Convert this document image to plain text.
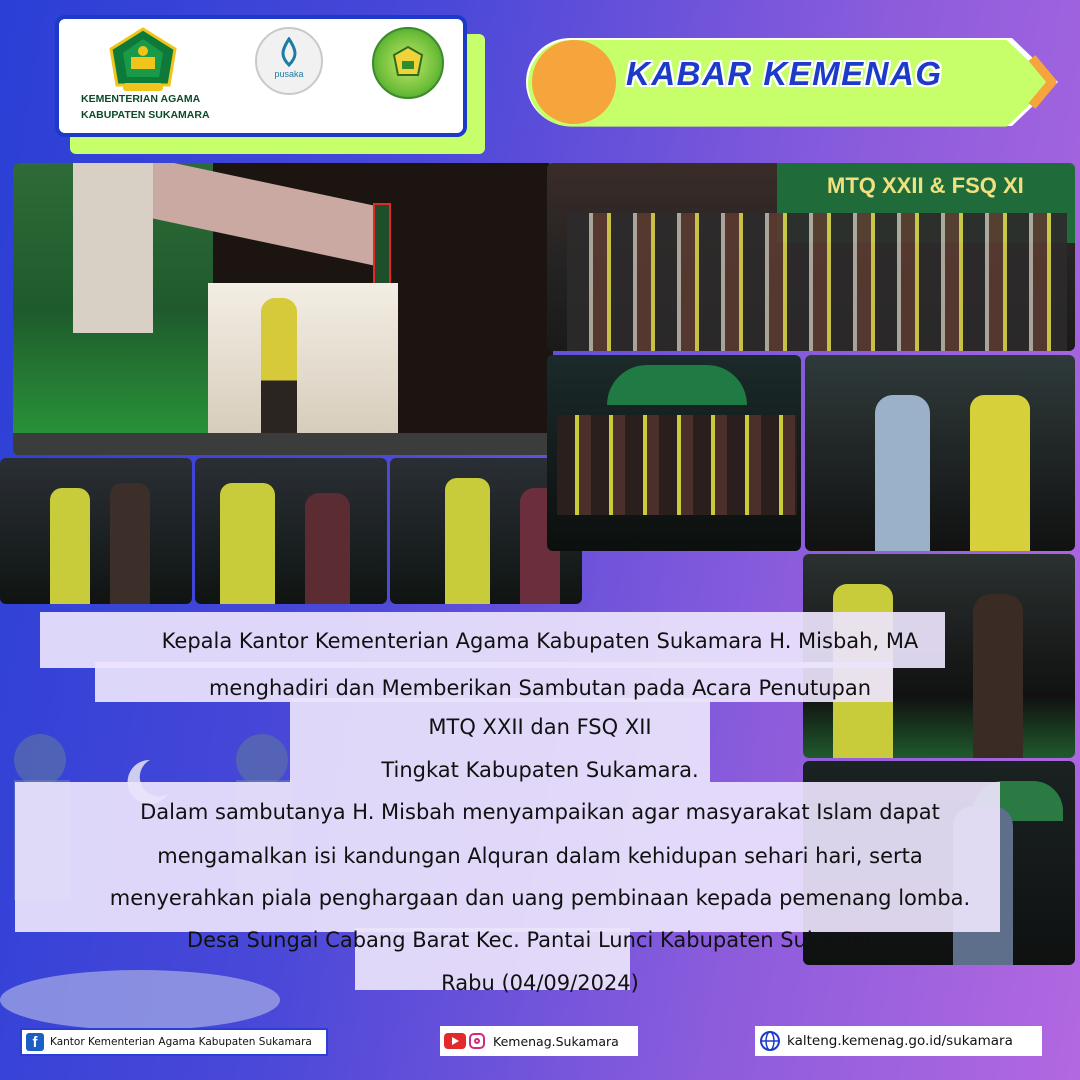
KEMENTERIAN AGAMA
KABUPATEN SUKAMARA
pusaka	KABAR KEMENAG
MTQ XXII & FSQ XI
Kepala Kantor Kementerian Agama Kabupaten Sukamara H. Misbah, MA
menghadiri dan Memberikan Sambutan pada Acara Penutupan
MTQ XXII dan FSQ XII
Tingkat Kabupaten Sukamara.
Dalam sambutanya H. Misbah menyampaikan agar masyarakat Islam dapat
mengamalkan isi kandungan Alquran dalam kehidupan sehari hari, serta
menyerahkan piala penghargaan dan uang pembinaan kepada pemenang lomba.
Desa Sungai Cabang Barat Kec. Pantai Lunci Kabupaten Sukamara,
Rabu (04/09/2024)
f	Kantor Kementerian Agama Kabupaten Sukamara	Kemenag.Sukamara	kalteng.kemenag.go.id/sukamara
